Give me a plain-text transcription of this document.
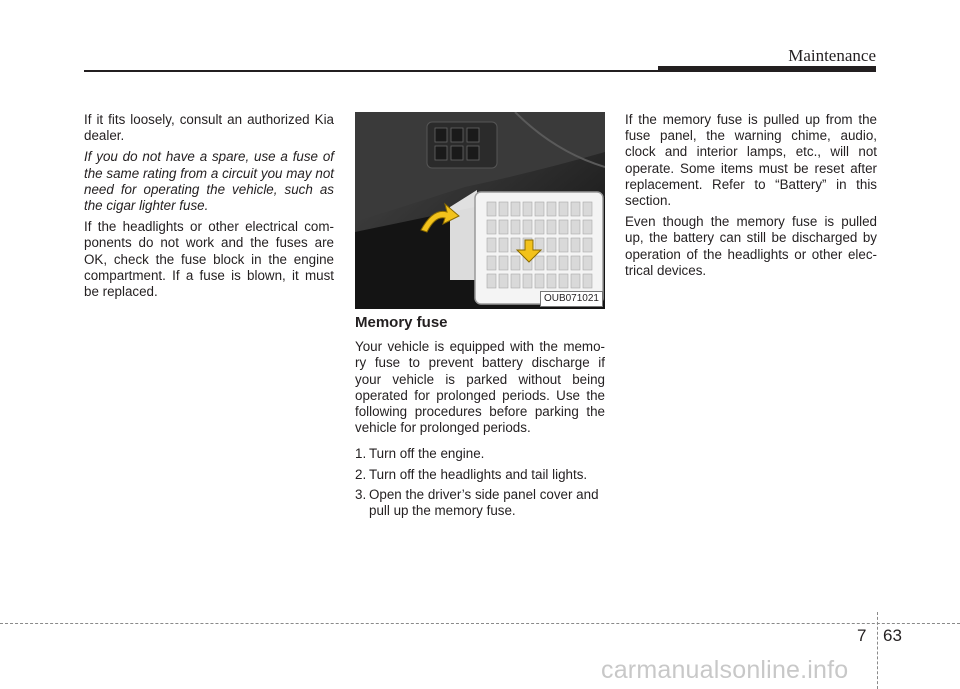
Maintenance

If it fits loosely, consult an authorized Kia dealer.

If you do not have a spare, use a fuse of the same rating from a circuit you may not need for operating the vehicle, such as the cigar lighter fuse.

If the headlights or other electrical com-ponents do not work and the fuses are OK, check the fuse block in the engine compartment. If a fuse is blown, it must be replaced.	OUB071021
Memory fuse

Your vehicle is equipped with the memo-ry fuse to prevent battery discharge if your vehicle is parked without being operated for prolonged periods. Use the following procedures before parking the vehicle for prolonged periods.

1. Turn off the engine.
2. Turn off the headlights and tail lights.
3. Open the driver’s side panel cover and pull up the memory fuse.

If the memory fuse is pulled up from the fuse panel, the warning chime, audio, clock and interior lamps, etc., will not operate. Some items must be reset after replacement. Refer to “Battery” in this section.

Even though the memory fuse is pulled up, the battery can still be discharged by operation of the headlights or other elec-trical devices.

7 63
carmanualsonline.info
